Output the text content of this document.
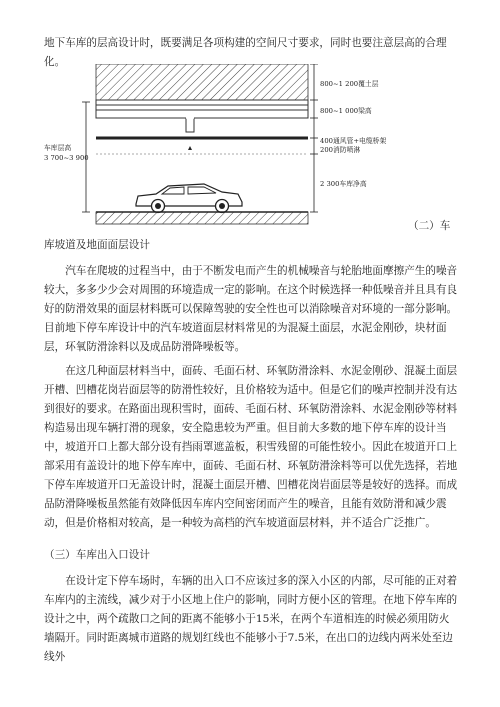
地下车库的层高设计时，既要满足各项构建的空间尺寸要求，同时也要注意层高的合理化。

车库层高
3 700~3 900
800~1 200覆土层
800~1 000梁高
400通风管+电缆桥架
200消防喷淋
2 300车库净高
（二）车
库坡道及地面面层设计

汽车在爬坡的过程当中，由于不断发电而产生的机械噪音与轮胎地面摩擦产生的噪音较大，多多少少会对周围的环境造成一定的影响。在这个时候选择一种低噪音并且具有良好的防滑效果的面层材料既可以保障驾驶的安全性也可以消除噪音对环境的一部分影响。目前地下停车库设计中的汽车坡道面层材料常见的为混凝土面层，水泥金刚砂，块材面层，环氧防滑涂料以及成品防滑降噪板等。

在这几种面层材料当中，面砖、毛面石材、环氧防滑涂料、水泥金刚砂、混凝土面层开槽、凹槽花岗岩面层等的防滑性较好，且价格较为适中。但是它们的噪声控制并没有达到很好的要求。在路面出现积雪时，面砖、毛面石材、环氧防滑涂料、水泥金刚砂等材料构造易出现车辆打滑的现象，安全隐患较为严重。但目前大多数的地下停车库的设计当中，坡道开口上都大部分设有挡雨罩遮盖板，积雪残留的可能性较小。因此在坡道开口上部采用有盖设计的地下停车库中，面砖、毛面石材、环氧防滑涂料等可以优先选择，若地下停车库坡道开口无盖设计时，混凝土面层开槽、凹槽花岗岩面层等是较好的选择。而成品防滑降噪板虽然能有效降低因车库内空间密闭而产生的噪音，且能有效防滑和减少震动，但是价格相对较高，是一种较为高档的汽车坡道面层材料，并不适合广泛推广。

（三）车库出入口设计

在设计定下停车场时，车辆的出入口不应该过多的深入小区的内部，尽可能的正对着车库内的主流线，减少对于小区地上住户的影响，同时方便小区的管理。在地下停车库的设计之中，两个疏散口之间的距离不能够小于15米，在两个车道相连的时候必须用防火墙隔开。同时距离城市道路的规划红线也不能够小于7.5米，在出口的边线内两米处至边线外
